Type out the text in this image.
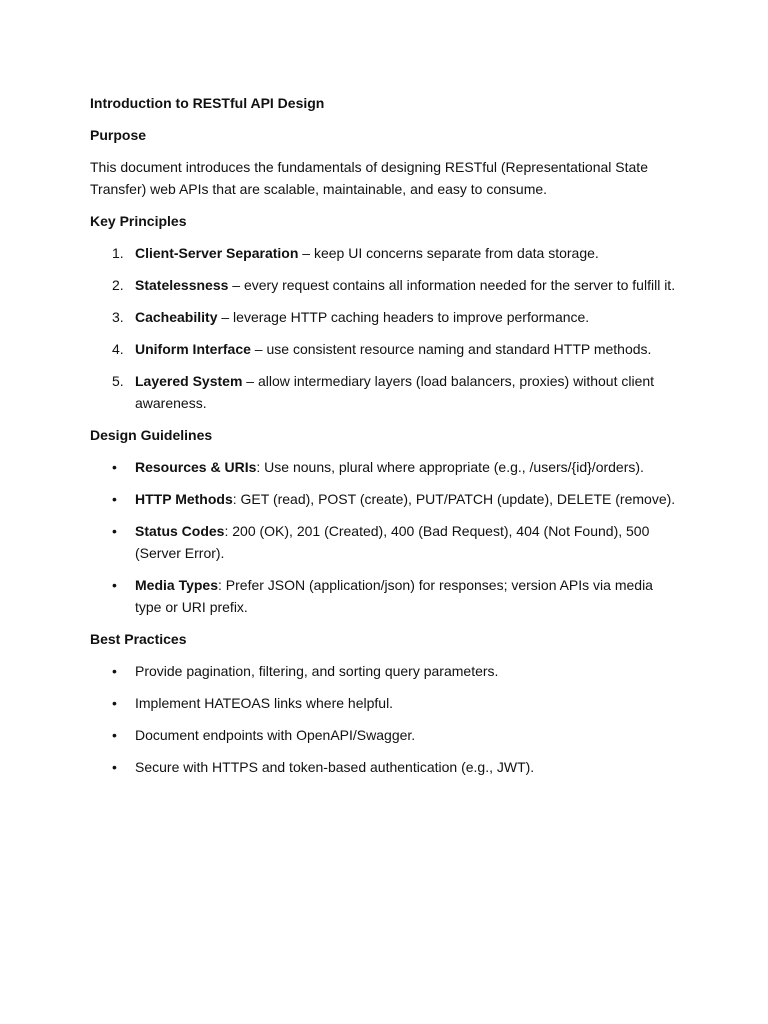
Introduction to RESTful API Design
Purpose
This document introduces the fundamentals of designing RESTful (Representational State Transfer) web APIs that are scalable, maintainable, and easy to consume.
Key Principles
1. Client-Server Separation – keep UI concerns separate from data storage.
2. Statelessness – every request contains all information needed for the server to fulfill it.
3. Cacheability – leverage HTTP caching headers to improve performance.
4. Uniform Interface – use consistent resource naming and standard HTTP methods.
5. Layered System – allow intermediary layers (load balancers, proxies) without client awareness.
Design Guidelines
• Resources & URIs: Use nouns, plural where appropriate (e.g., /users/{id}/orders).
• HTTP Methods: GET (read), POST (create), PUT/PATCH (update), DELETE (remove).
• Status Codes: 200 (OK), 201 (Created), 400 (Bad Request), 404 (Not Found), 500 (Server Error).
• Media Types: Prefer JSON (application/json) for responses; version APIs via media type or URI prefix.
Best Practices
• Provide pagination, filtering, and sorting query parameters.
• Implement HATEOAS links where helpful.
• Document endpoints with OpenAPI/Swagger.
• Secure with HTTPS and token-based authentication (e.g., JWT).
